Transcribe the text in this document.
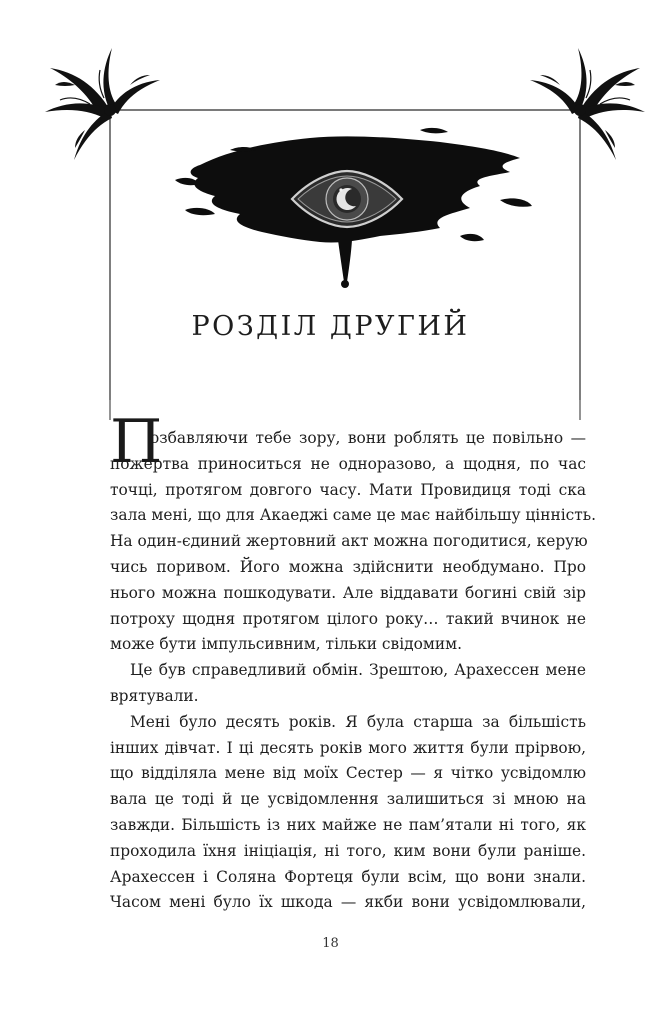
РОЗДІЛ ДРУГИЙ
П
озбавляючи тебе зору, вони роблять це повільно —
пожертва приноситься не одноразово, а щодня, по час
точці, протягом довгого часу. Мати Провидиця тоді ска
зала мені, що для Акаеджі саме це має найбільшу цінність.
На один-єдиний жертовний акт можна погодитися, керую
чись поривом. Його можна здійснити необдумано. Про
нього можна пошкодувати. Але віддавати богині свій зір
потроху щодня протягом цілого року… такий вчинок не
може бути імпульсивним, тільки свідомим.
Це був справедливий обмін. Зрештою, Арахессен мене
врятували.
Мені було десять років. Я була старша за більшість
інших дівчат. І ці десять років мого життя були прірвою,
що відділяла мене від моїх Сестер — я чітко усвідомлю
вала це тоді й це усвідомлення залишиться зі мною на
завжди. Більшість із них майже не пам’ятали ні того, як
проходила їхня ініціація, ні того, ким вони були раніше.
Арахессен і Соляна Фортеця були всім, що вони знали.
Часом мені було їх шкода — якби вони усвідомлювали,
18
